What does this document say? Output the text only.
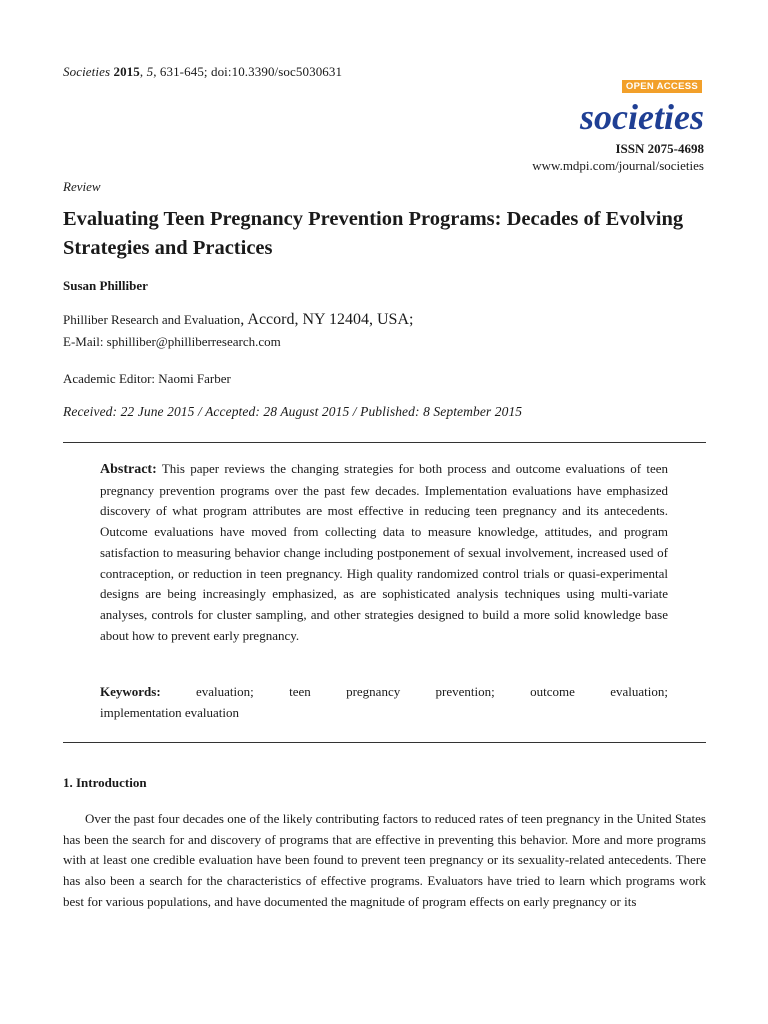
Societies 2015, 5, 631-645; doi:10.3390/soc5030631
OPEN ACCESS
societies
ISSN 2075-4698
www.mdpi.com/journal/societies
Review
Evaluating Teen Pregnancy Prevention Programs: Decades of Evolving Strategies and Practices
Susan Philliber
Philliber Research and Evaluation, Accord, NY 12404, USA;
E-Mail: sphilliber@philliberresearch.com
Academic Editor: Naomi Farber
Received: 22 June 2015 / Accepted: 28 August 2015 / Published: 8 September 2015
Abstract: This paper reviews the changing strategies for both process and outcome evaluations of teen pregnancy prevention programs over the past few decades. Implementation evaluations have emphasized discovery of what program attributes are most effective in reducing teen pregnancy and its antecedents. Outcome evaluations have moved from collecting data to measure knowledge, attitudes, and program satisfaction to measuring behavior change including postponement of sexual involvement, increased used of contraception, or reduction in teen pregnancy. High quality randomized control trials or quasi-experimental designs are being increasingly emphasized, as are sophisticated analysis techniques using multi-variate analyses, controls for cluster sampling, and other strategies designed to build a more solid knowledge base about how to prevent early pregnancy.
Keywords:	evaluation;	teen	pregnancy	prevention;	outcome	evaluation;
implementation evaluation
1. Introduction
Over the past four decades one of the likely contributing factors to reduced rates of teen pregnancy in the United States has been the search for and discovery of programs that are effective in preventing this behavior. More and more programs with at least one credible evaluation have been found to prevent teen pregnancy or its sexuality-related antecedents. There has also been a search for the characteristics of effective programs. Evaluators have tried to learn which programs work best for various populations, and have documented the magnitude of program effects on early pregnancy or its
